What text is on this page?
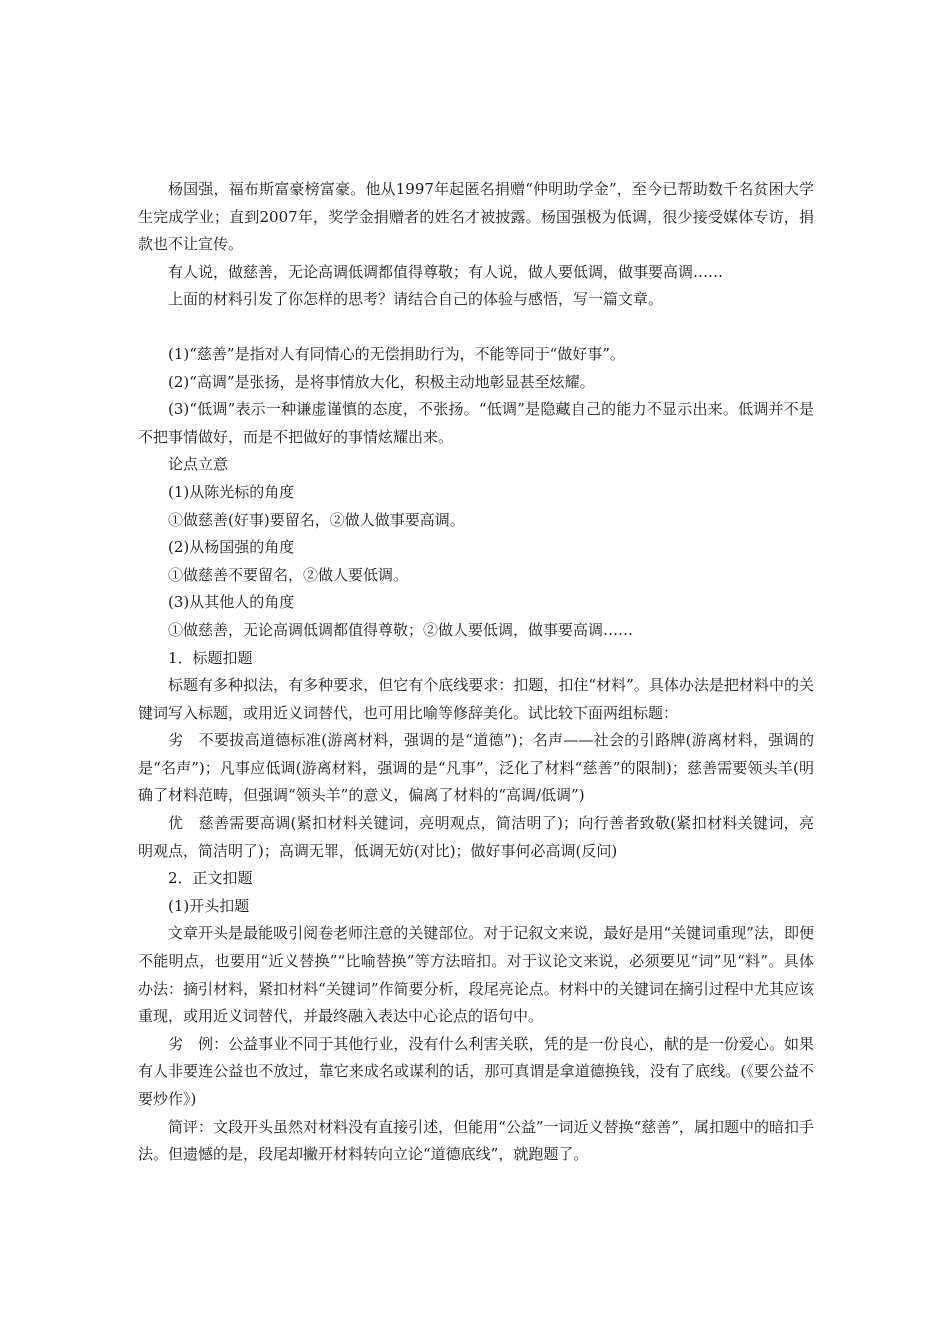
杨国强，福布斯富豪榜富豪。他从1997年起匿名捐赠“仲明助学金”，至今已帮助数千名贫困大学生完成学业；直到2007年，奖学金捐赠者的姓名才被披露。杨国强极为低调，很少接受媒体专访，捐款也不让宣传。

有人说，做慈善，无论高调低调都值得尊敬；有人说，做人要低调，做事要高调……

上面的材料引发了你怎样的思考？请结合自己的体验与感悟，写一篇文章。

(1)“慈善”是指对人有同情心的无偿捐助行为，不能等同于“做好事”。

(2)“高调”是张扬，是将事情放大化，积极主动地彰显甚至炫耀。

(3)“低调”表示一种谦虚谨慎的态度，不张扬。“低调”是隐藏自己的能力不显示出来。低调并不是不把事情做好，而是不把做好的事情炫耀出来。

论点立意

(1)从陈光标的角度

①做慈善(好事)要留名，②做人做事要高调。

(2)从杨国强的角度

①做慈善不要留名，②做人要低调。

(3)从其他人的角度

①做慈善，无论高调低调都值得尊敬；②做人要低调，做事要高调……

1．标题扣题

标题有多种拟法，有多种要求，但它有个底线要求：扣题，扣住“材料”。具体办法是把材料中的关键词写入标题，或用近义词替代，也可用比喻等修辞美化。试比较下面两组标题：

劣　不要拔高道德标准(游离材料，强调的是“道德”)；名声——社会的引路牌(游离材料，强调的是“名声”)；凡事应低调(游离材料，强调的是“凡事”，泛化了材料“慈善”的限制)；慈善需要领头羊(明确了材料范畴，但强调“领头羊”的意义，偏离了材料的“高调/低调”)

优　慈善需要高调(紧扣材料关键词，亮明观点，简洁明了)；向行善者致敬(紧扣材料关键词，亮明观点，简洁明了)；高调无罪，低调无妨(对比)；做好事何必高调(反问)

2．正文扣题

(1)开头扣题

文章开头是最能吸引阅卷老师注意的关键部位。对于记叙文来说，最好是用“关键词重现”法，即便不能明点，也要用“近义替换”“比喻替换”等方法暗扣。对于议论文来说，必须要见“词”见“料”。具体办法：摘引材料，紧扣材料“关键词”作简要分析，段尾亮论点。材料中的关键词在摘引过程中尤其应该重现，或用近义词替代，并最终融入表达中心论点的语句中。

劣　例：公益事业不同于其他行业，没有什么利害关联，凭的是一份良心，献的是一份爱心。如果有人非要连公益也不放过，靠它来成名或谋利的话，那可真谓是拿道德换钱，没有了底线。(《要公益不要炒作》)

简评：文段开头虽然对材料没有直接引述，但能用“公益”一词近义替换“慈善”，属扣题中的暗扣手法。但遗憾的是，段尾却撇开材料转向立论“道德底线”，就跑题了。
